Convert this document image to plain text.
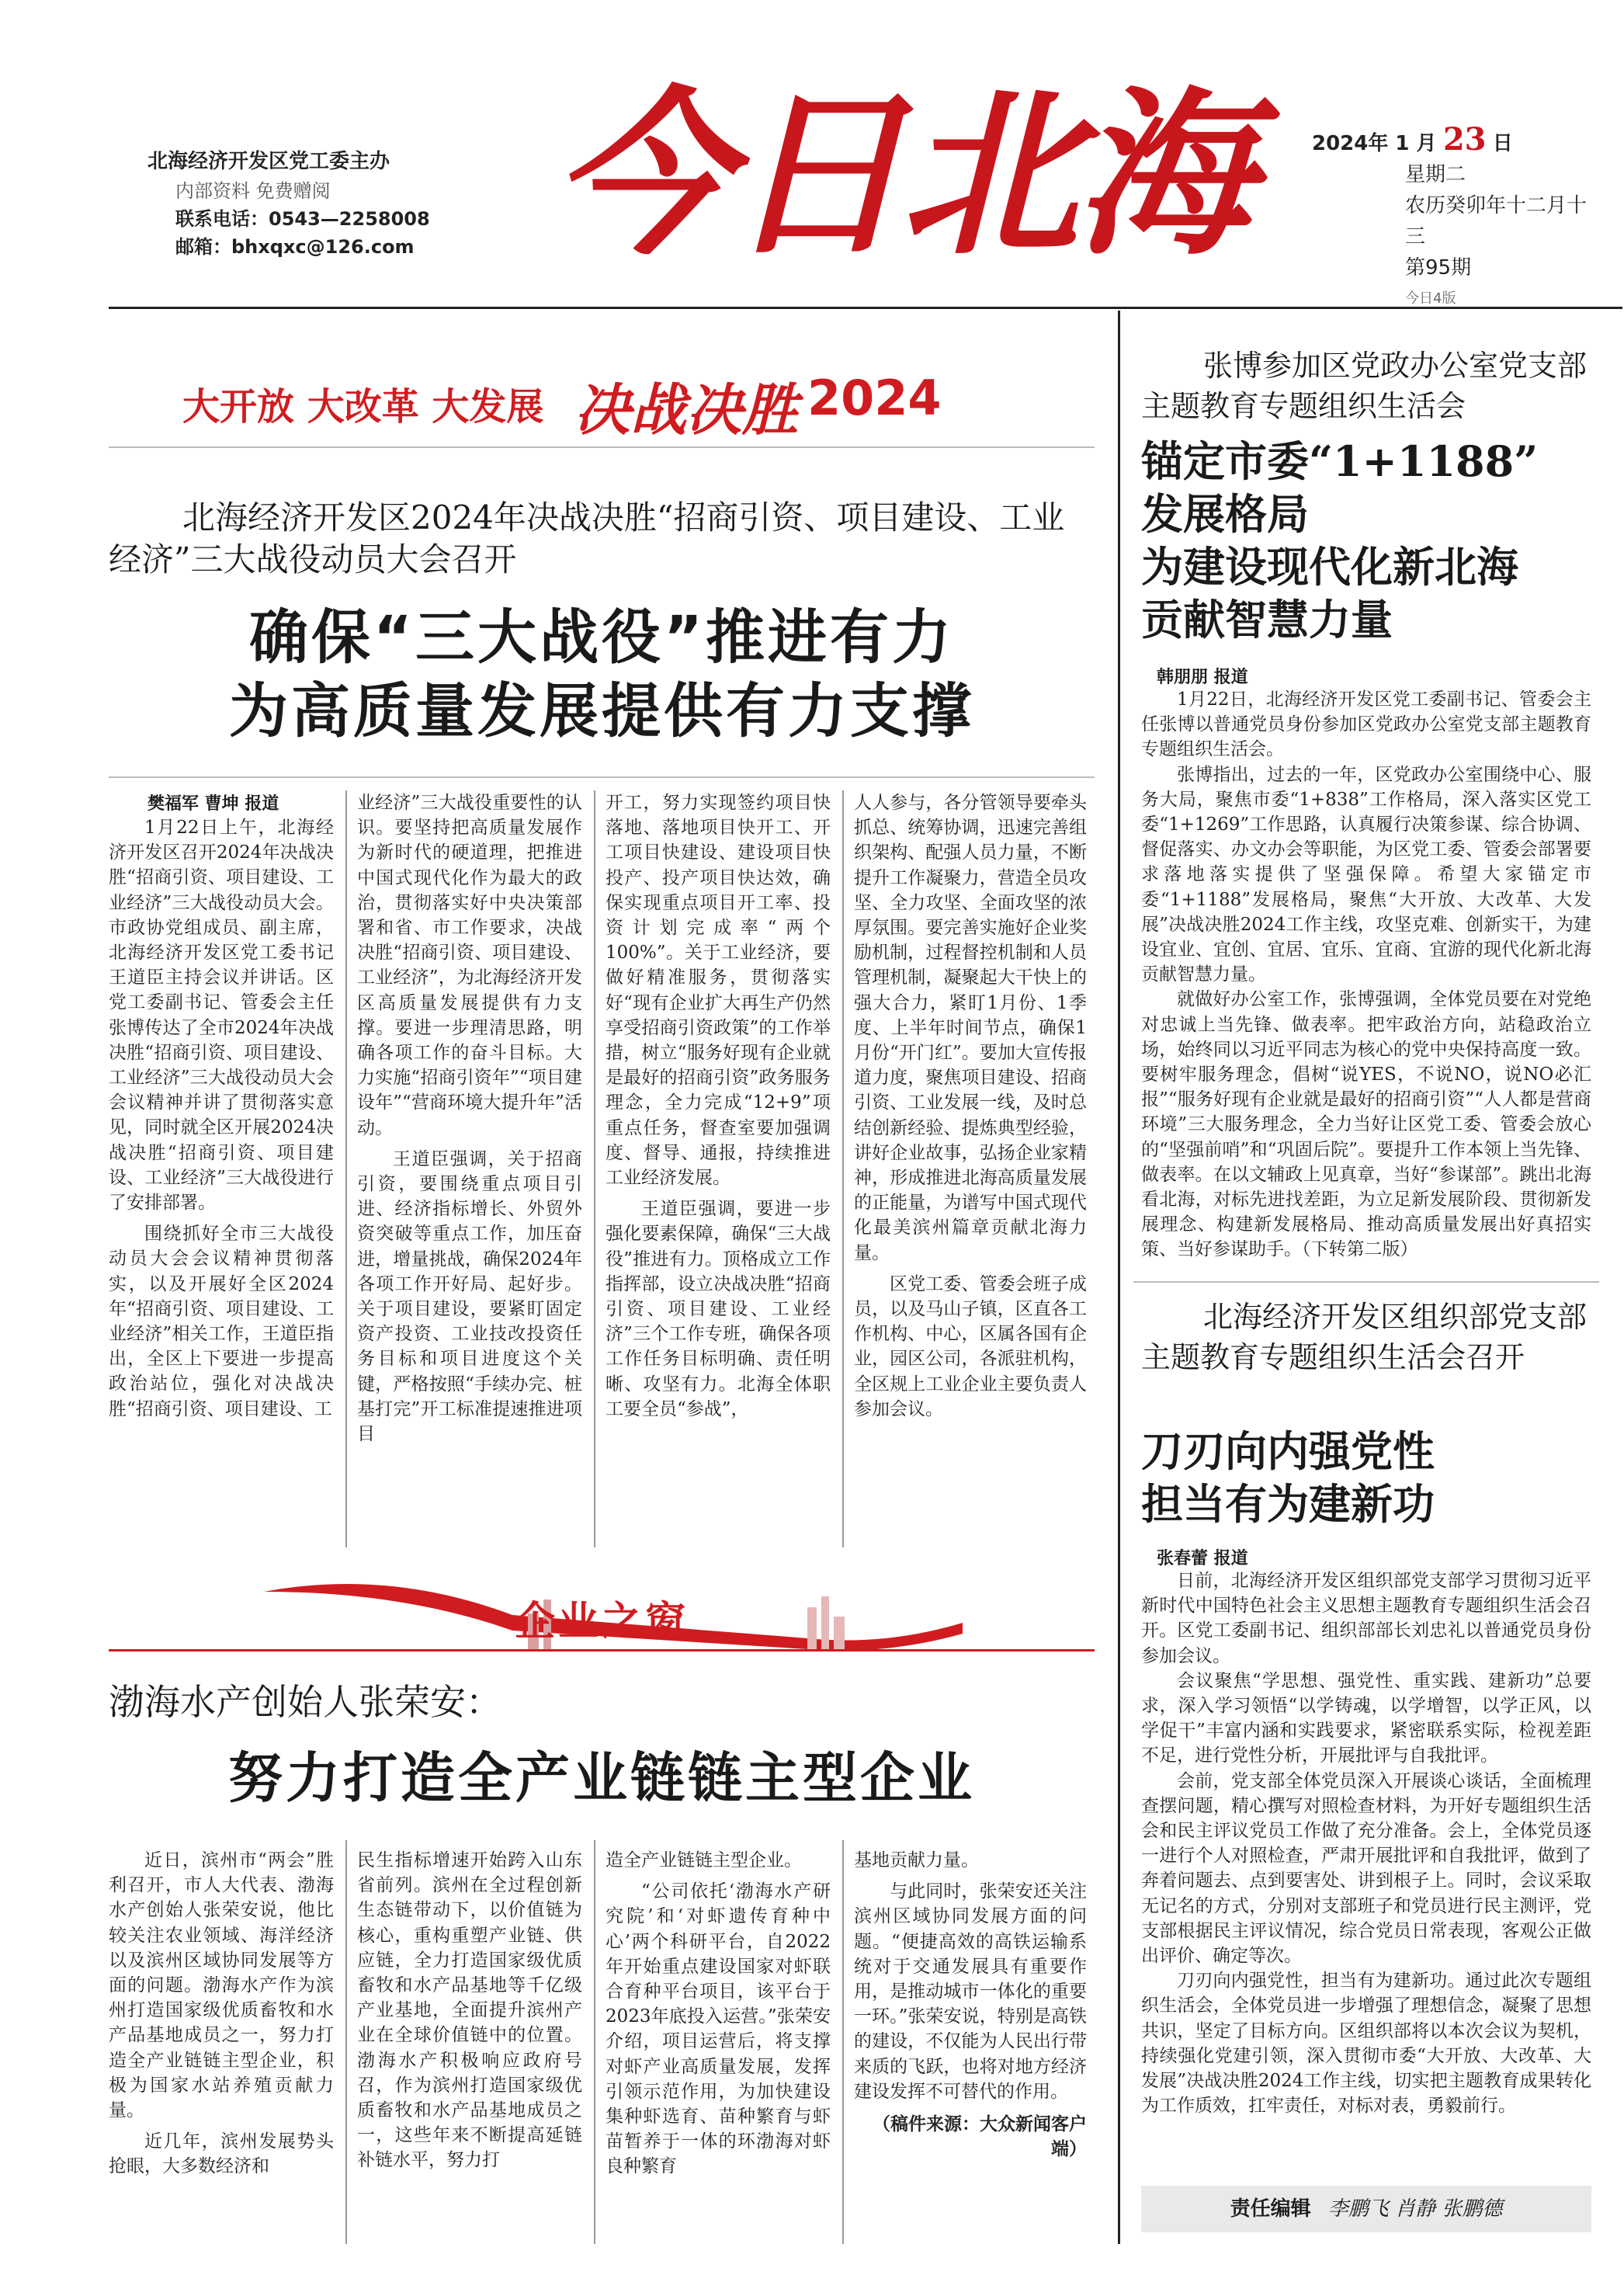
北海经济开发区党工委主办
内部资料 免费赠阅
联系电话：0543—2258008
邮箱：bhxqxc@126.com 今日北海	2024年 1 月 23 日
星期二
农历癸卯年十二月十三
第95期
今日4版
大开放 大改革 大发展 决战决胜 2024
北海经济开发区2024年决战决胜“招商引资、项目建设、工业经济”三大战役动员大会召开
确保“三大战役”推进有力
为高质量发展提供有力支撑
樊福军 曹坤 报道

1月22日上午，北海经济开发区召开2024年决战决胜“招商引资、项目建设、工业经济”三大战役动员大会。市政协党组成员、副主席，北海经济开发区党工委书记王道臣主持会议并讲话。区党工委副书记、管委会主任张博传达了全市2024年决战决胜“招商引资、项目建设、工业经济”三大战役动员大会会议精神并讲了贯彻落实意见，同时就全区开展2024决战决胜“招商引资、项目建设、工业经济”三大战役进行了安排部署。

围绕抓好全市三大战役动员大会会议精神贯彻落实，以及开展好全区2024年“招商引资、项目建设、工业经济”相关工作，王道臣指出，全区上下要进一步提高政治站位，强化对决战决胜“招商引资、项目建设、工

业经济”三大战役重要性的认识。要坚持把高质量发展作为新时代的硬道理，把推进中国式现代化作为最大的政治，贯彻落实好中央决策部署和省、市工作要求，决战决胜“招商引资、项目建设、工业经济”，为北海经济开发区高质量发展提供有力支撑。要进一步理清思路，明确各项工作的奋斗目标。大力实施“招商引资年”“项目建设年”“营商环境大提升年”活动。

王道臣强调，关于招商引资，要围绕重点项目引进、经济指标增长、外贸外资突破等重点工作，加压奋进，增量挑战，确保2024年各项工作开好局、起好步。关于项目建设，要紧盯固定资产投资、工业技改投资任务目标和项目进度这个关键，严格按照“手续办完、桩基打完”开工标准提速推进项目

开工，努力实现签约项目快落地、落地项目快开工、开工项目快建设、建设项目快投产、投产项目快达效，确保实现重点项目开工率、投资计划完成率“两个100%”。关于工业经济，要做好精准服务，贯彻落实好“现有企业扩大再生产仍然享受招商引资政策”的工作举措，树立“服务好现有企业就是最好的招商引资”政务服务理念，全力完成“12+9”项重点任务，督查室要加强调度、督导、通报，持续推进工业经济发展。

王道臣强调，要进一步强化要素保障，确保“三大战役”推进有力。顶格成立工作指挥部，设立决战决胜“招商引资、项目建设、工业经济”三个工作专班，确保各项工作任务目标明确、责任明晰、攻坚有力。北海全体职工要全员“参战”，

人人参与，各分管领导要牵头抓总、统筹协调，迅速完善组织架构、配强人员力量，不断提升工作凝聚力，营造全员攻坚、全力攻坚、全面攻坚的浓厚氛围。要完善实施好企业奖励机制，过程督控机制和人员管理机制，凝聚起大干快上的强大合力，紧盯1月份、1季度、上半年时间节点，确保1月份“开门红”。要加大宣传报道力度，聚焦项目建设、招商引资、工业发展一线，及时总结创新经验、提炼典型经验，讲好企业故事，弘扬企业家精神，形成推进北海高质量发展的正能量，为谱写中国式现代化最美滨州篇章贡献北海力量。

区党工委、管委会班子成员，以及马山子镇，区直各工作机构、中心，区属各国有企业，园区公司，各派驻机构，全区规上工业企业主要负责人参加会议。

企业之窗
渤海水产创始人张荣安：
努力打造全产业链链主型企业

近日，滨州市“两会”胜利召开，市人大代表、渤海水产创始人张荣安说，他比较关注农业领域、海洋经济以及滨州区域协同发展等方面的问题。渤海水产作为滨州打造国家级优质畜牧和水产品基地成员之一，努力打造全产业链链主型企业，积极为国家水站养殖贡献力量。

近几年，滨州发展势头抢眼，大多数经济和

民生指标增速开始跨入山东省前列。滨州在全过程创新生态链带动下，以价值链为核心，重构重塑产业链、供应链，全力打造国家级优质畜牧和水产品基地等千亿级产业基地，全面提升滨州产业在全球价值链中的位置。渤海水产积极响应政府号召，作为滨州打造国家级优质畜牧和水产品基地成员之一，这些年来不断提高延链补链水平，努力打

造全产业链链主型企业。

“公司依托‘渤海水产研究院’和‘对虾遗传育种中心’两个科研平台，自2022年开始重点建设国家对虾联合育种平台项目，该平台于2023年底投入运营。”张荣安介绍，项目运营后，将支撑对虾产业高质量发展，发挥引领示范作用，为加快建设集种虾选育、苗种繁育与虾苗暂养于一体的环渤海对虾良种繁育

基地贡献力量。

与此同时，张荣安还关注滨州区域协同发展方面的问题。“便捷高效的高铁运输系统对于交通发展具有重要作用，是推动城市一体化的重要一环。”张荣安说，特别是高铁的建设，不仅能为人民出行带来质的飞跃，也将对地方经济建设发挥不可替代的作用。

（稿件来源：大众新闻客户端）

张博参加区党政办公室党支部主题教育专题组织生活会
锚定市委“1+1188”
发展格局
为建设现代化新北海
贡献智慧力量
韩朋朋 报道

1月22日，北海经济开发区党工委副书记、管委会主任张博以普通党员身份参加区党政办公室党支部主题教育专题组织生活会。

张博指出，过去的一年，区党政办公室围绕中心、服务大局，聚焦市委“1+838”工作格局，深入落实区党工委“1+1269”工作思路，认真履行决策参谋、综合协调、督促落实、办文办会等职能，为区党工委、管委会部署要求落地落实提供了坚强保障。希望大家锚定市委“1+1188”发展格局，聚焦“大开放、大改革、大发展”决战决胜2024工作主线，攻坚克难、创新实干，为建设宜业、宜创、宜居、宜乐、宜商、宜游的现代化新北海贡献智慧力量。

就做好办公室工作，张博强调，全体党员要在对党绝对忠诚上当先锋、做表率。把牢政治方向，站稳政治立场，始终同以习近平同志为核心的党中央保持高度一致。要树牢服务理念，倡树“说YES，不说NO，说NO必汇报”“服务好现有企业就是最好的招商引资”“人人都是营商环境”三大服务理念，全力当好让区党工委、管委会放心的“坚强前哨”和“巩固后院”。要提升工作本领上当先锋、做表率。在以文辅政上见真章，当好“参谋部”。跳出北海看北海，对标先进找差距，为立足新发展阶段、贯彻新发展理念、构建新发展格局、推动高质量发展出好真招实策、当好参谋助手。（下转第二版）

北海经济开发区组织部党支部主题教育专题组织生活会召开
刀刃向内强党性
担当有为建新功
张春蕾 报道

日前，北海经济开发区组织部党支部学习贯彻习近平新时代中国特色社会主义思想主题教育专题组织生活会召开。区党工委副书记、组织部部长刘忠礼以普通党员身份参加会议。

会议聚焦“学思想、强党性、重实践、建新功”总要求，深入学习领悟“以学铸魂，以学增智，以学正风，以学促干”丰富内涵和实践要求，紧密联系实际，检视差距不足，进行党性分析，开展批评与自我批评。

会前，党支部全体党员深入开展谈心谈话，全面梳理查摆问题，精心撰写对照检查材料，为开好专题组织生活会和民主评议党员工作做了充分准备。会上，全体党员逐一进行个人对照检查，严肃开展批评和自我批评，做到了奔着问题去、点到要害处、讲到根子上。同时，会议采取无记名的方式，分别对支部班子和党员进行民主测评，党支部根据民主评议情况，综合党员日常表现，客观公正做出评价、确定等次。

刀刃向内强党性，担当有为建新功。通过此次专题组织生活会，全体党员进一步增强了理想信念，凝聚了思想共识，坚定了目标方向。区组织部将以本次会议为契机，持续强化党建引领，深入贯彻市委“大开放、大改革、大发展”决战决胜2024工作主线，切实把主题教育成果转化为工作质效，扛牢责任，对标对表，勇毅前行。

责任编辑 李鹏飞 肖静 张鹏德
